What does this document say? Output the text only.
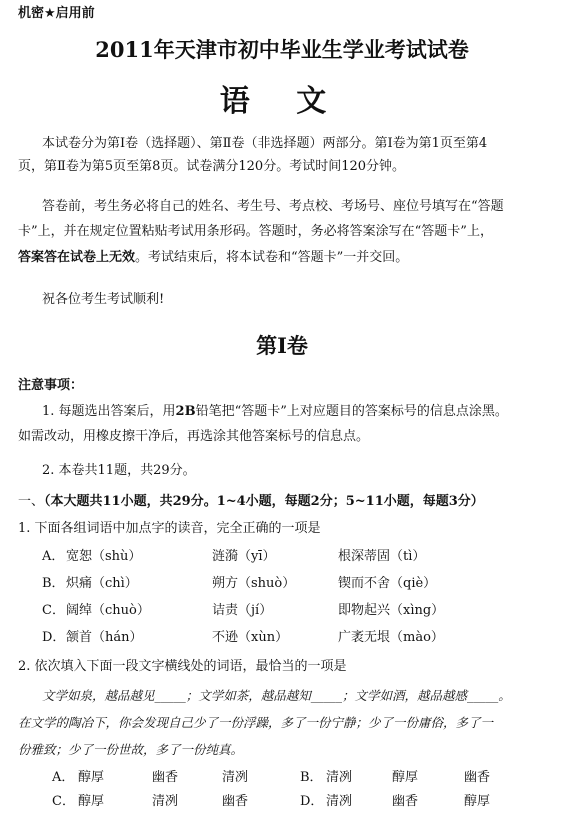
机密★启用前
2011年天津市初中毕业生学业考试试卷
语 文
本试卷分为第Ⅰ卷（选择题）、第Ⅱ卷（非选择题）两部分。第Ⅰ卷为第1页至第4
页，第Ⅱ卷为第5页至第8页。试卷满分120分。考试时间120分钟。
答卷前，考生务必将自己的姓名、考生号、考点校、考场号、座位号填写在“答题
卡”上，并在规定位置粘贴考试用条形码。答题时，务必将答案涂写在“答题卡”上，
答案答在试卷上无效。考试结束后，将本试卷和“答题卡”一并交回。
祝各位考生考试顺利!
第Ⅰ卷
注意事项：
1. 每题选出答案后，用2B铅笔把“答题卡”上对应题目的答案标号的信息点涂黑。
如需改动，用橡皮擦干净后，再选涂其他答案标号的信息点。
2. 本卷共11题，共29分。
一、（本大题共11小题，共29分。1~4小题，每题2分；5~11小题，每题3分）
1. 下面各组词语中加点字的读音，完全正确的一项是
A． 宽恕（shù）	涟漪（yī）	根深蒂固（tì）
B． 炽痛（chì）	朔方（shuò）	锲而不舍（qiè）
C． 阔绰（chuò）	诘责（jí）	即物起兴（xìng）
D． 颔首（hán）	不逊（xùn）	广袤无垠（mào）
2. 依次填入下面一段文字横线处的词语，最恰当的一项是
文学如泉，越品越见_____；文学如茶，越品越知_____；文学如酒，越品越感_____。
在文学的陶冶下，你会发现自己少了一份浮躁，多了一份宁静；少了一份庸俗，多了一
份雅致；少了一份世故，多了一份纯真。
A． 醇厚	幽香	清冽	B． 清冽	醇厚	幽香
C． 醇厚	清冽	幽香	D． 清冽	幽香	醇厚
